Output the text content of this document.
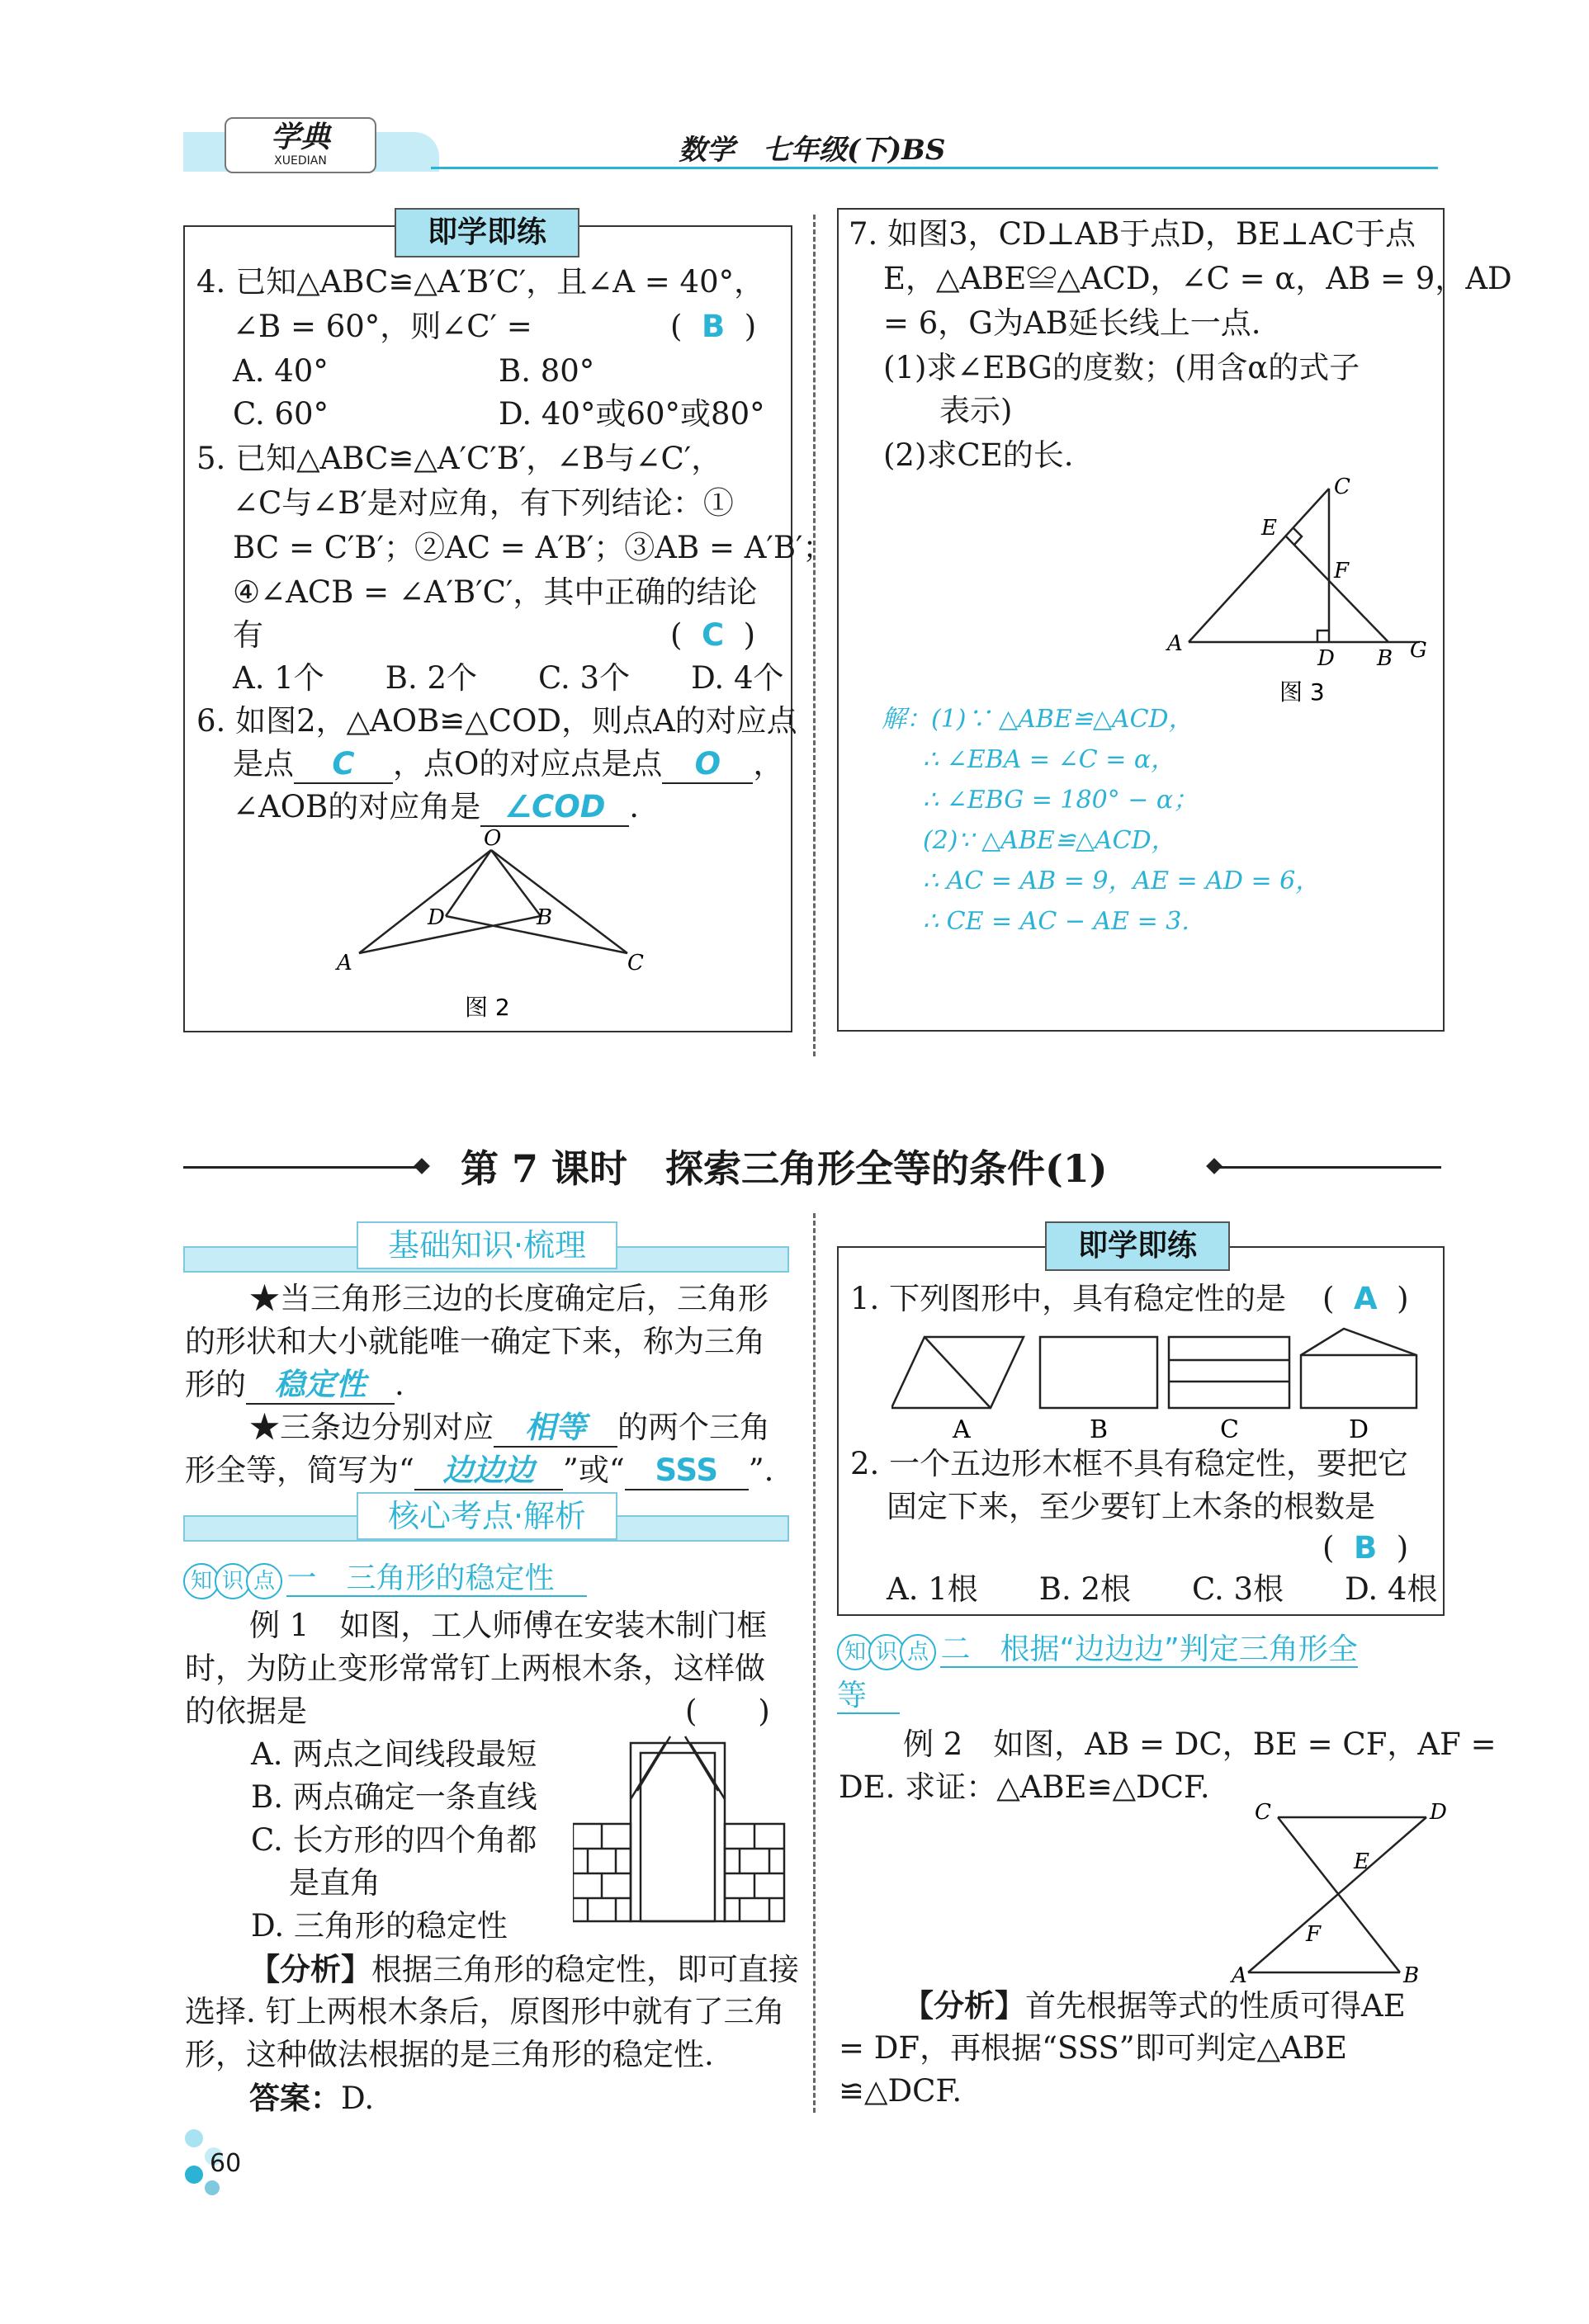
学典
XUEDIAN	数学　七年级(下)BS
即学即练
4. 已知△ABC≌△A′B′C′，且∠A = 40°，
∠B = 60°，则∠C′ =	(  B  )
A. 40°	B. 80°
C. 60°	D. 40°或60°或80°
5. 已知△ABC≌△A′C′B′，∠B与∠C′，
∠C与∠B′是对应角，有下列结论：①
BC = C′B′；②AC = A′B′；③AB = A′B′；
④∠ACB = ∠A′B′C′，其中正确的结论
有	(  C  )
A. 1个　　B. 2个　　C. 3个　　D. 4个
6. 如图2，△AOB≌△COD，则点A的对应点
是点 C ，点O的对应点是点 O ，
∠AOB的对应角是 ∠COD .
O
A
B
C
D
图 2
7. 如图3，CD⊥AB于点D，BE⊥AC于点
E，△ABE≌△ACD，∠C = α，AB = 9，AD
= 6，G为AB延长线上一点.
(1)求∠EBG的度数；(用含α的式子
表示)
(2)求CE的长.
C
E
F
A
D B G
图 3
解：(1)∵ △ABE≌△ACD，
∴ ∠EBA = ∠C = α，
∴ ∠EBG = 180° − α；
(2)∵ △ABE≌△ACD，
∴ AC = AB = 9，AE = AD = 6，
∴ CE = AC − AE = 3.
第 7 课时　探索三角形全等的条件(1)
基础知识·梳理
★当三角形三边的长度确定后，三角形
的形状和大小就能唯一确定下来，称为三角
形的 稳定性 .
★三条边分别对应 相等 的两个三角
形全等，简写为“ 边边边 ”或“ SSS ”.
核心考点·解析
知 识 点 一　三角形的稳定性
例 1　如图，工人师傅在安装木制门框
时，为防止变形常常钉上两根木条，这样做
的依据是	(　　)
A. 两点之间线段最短
B. 两点确定一条直线
C. 长方形的四个角都
是直角
D. 三角形的稳定性
【分析】根据三角形的稳定性，即可直接
选择. 钉上两根木条后，原图形中就有了三角
形，这种做法根据的是三角形的稳定性.
答案：D.
即学即练
1. 下列图形中，具有稳定性的是 (  A  )
A	B	C	D
2. 一个五边形木框不具有稳定性，要把它
固定下来，至少要钉上木条的根数是
(  B  )
A. 1根　　B. 2根　　C. 3根　　D. 4根
知 识 点 二　根据“边边边”判定三角形全
等
例 2　如图，AB = DC，BE = CF，AF =
DE. 求证：△ABE≌△DCF.
C	D
E
F
A	B
【分析】首先根据等式的性质可得AE
= DF，再根据“SSS”即可判定△ABE
≌△DCF.
60
